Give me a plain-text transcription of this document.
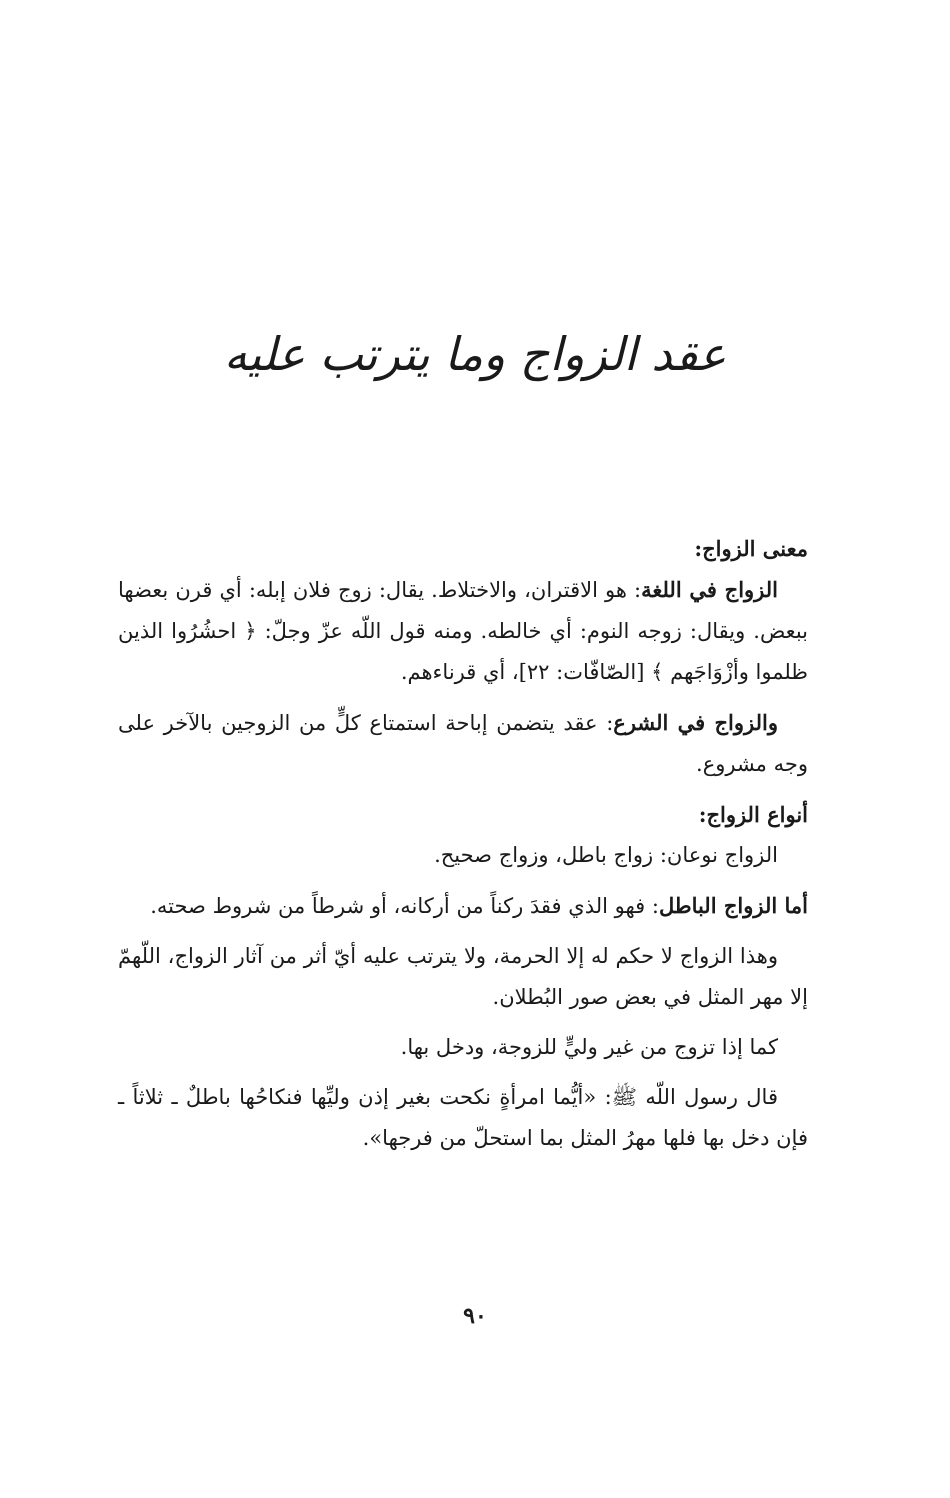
عقد الزواج وما يترتب عليه

معنى الزواج:

الزواج في اللغة: هو الاقتران، والاختلاط. يقال: زوج فلان إبله: أي قرن بعضها ببعض. ويقال: زوجه النوم: أي خالطه. ومنه قول اللّه عزّ وجلّ: ﴿ احشُرُوا الذين ظلموا وأزْوَاجَهم ﴾ [الصّافّات: ٢٢]، أي قرناءهم.

والزواج في الشرع: عقد يتضمن إباحة استمتاع كلٍّ من الزوجين بالآخر على وجه مشروع.

أنواع الزواج:

الزواج نوعان: زواج باطل، وزواج صحيح.

أما الزواج الباطل: فهو الذي فقدَ ركناً من أركانه، أو شرطاً من شروط صحته.

وهذا الزواج لا حكم له إلا الحرمة، ولا يترتب عليه أيّ أثر من آثار الزواج، اللّهمّ إلا مهر المثل في بعض صور البُطلان.

كما إذا تزوج من غير وليٍّ للزوجة، ودخل بها.

قال رسول اللّه ﷺ: «أيُّما امرأةٍ نكحت بغير إذن وليِّها فنكاحُها باطلٌ ـ ثلاثاً ـ فإن دخل بها فلها مهرُ المثل بما استحلّ من فرجها».

٩٠
